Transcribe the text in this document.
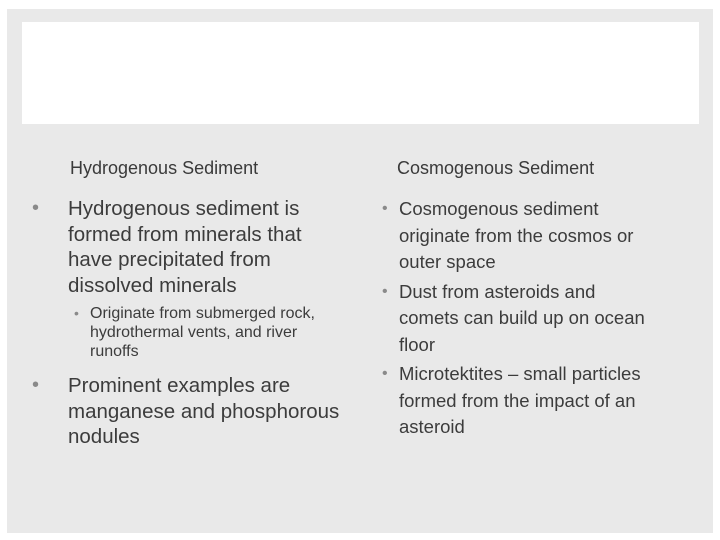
Hydrogenous Sediment	Cosmogenous Sediment
• Hydrogenous sediment is formed from minerals that have precipitated from dissolved minerals
• Originate from submerged rock, hydrothermal vents, and river runoffs
• Prominent examples are manganese and phosphorous nodules
• Cosmogenous sediment originate from the cosmos or outer space
• Dust from asteroids and comets can build up on ocean floor
• Microtektites – small particles formed from the impact of an asteroid
